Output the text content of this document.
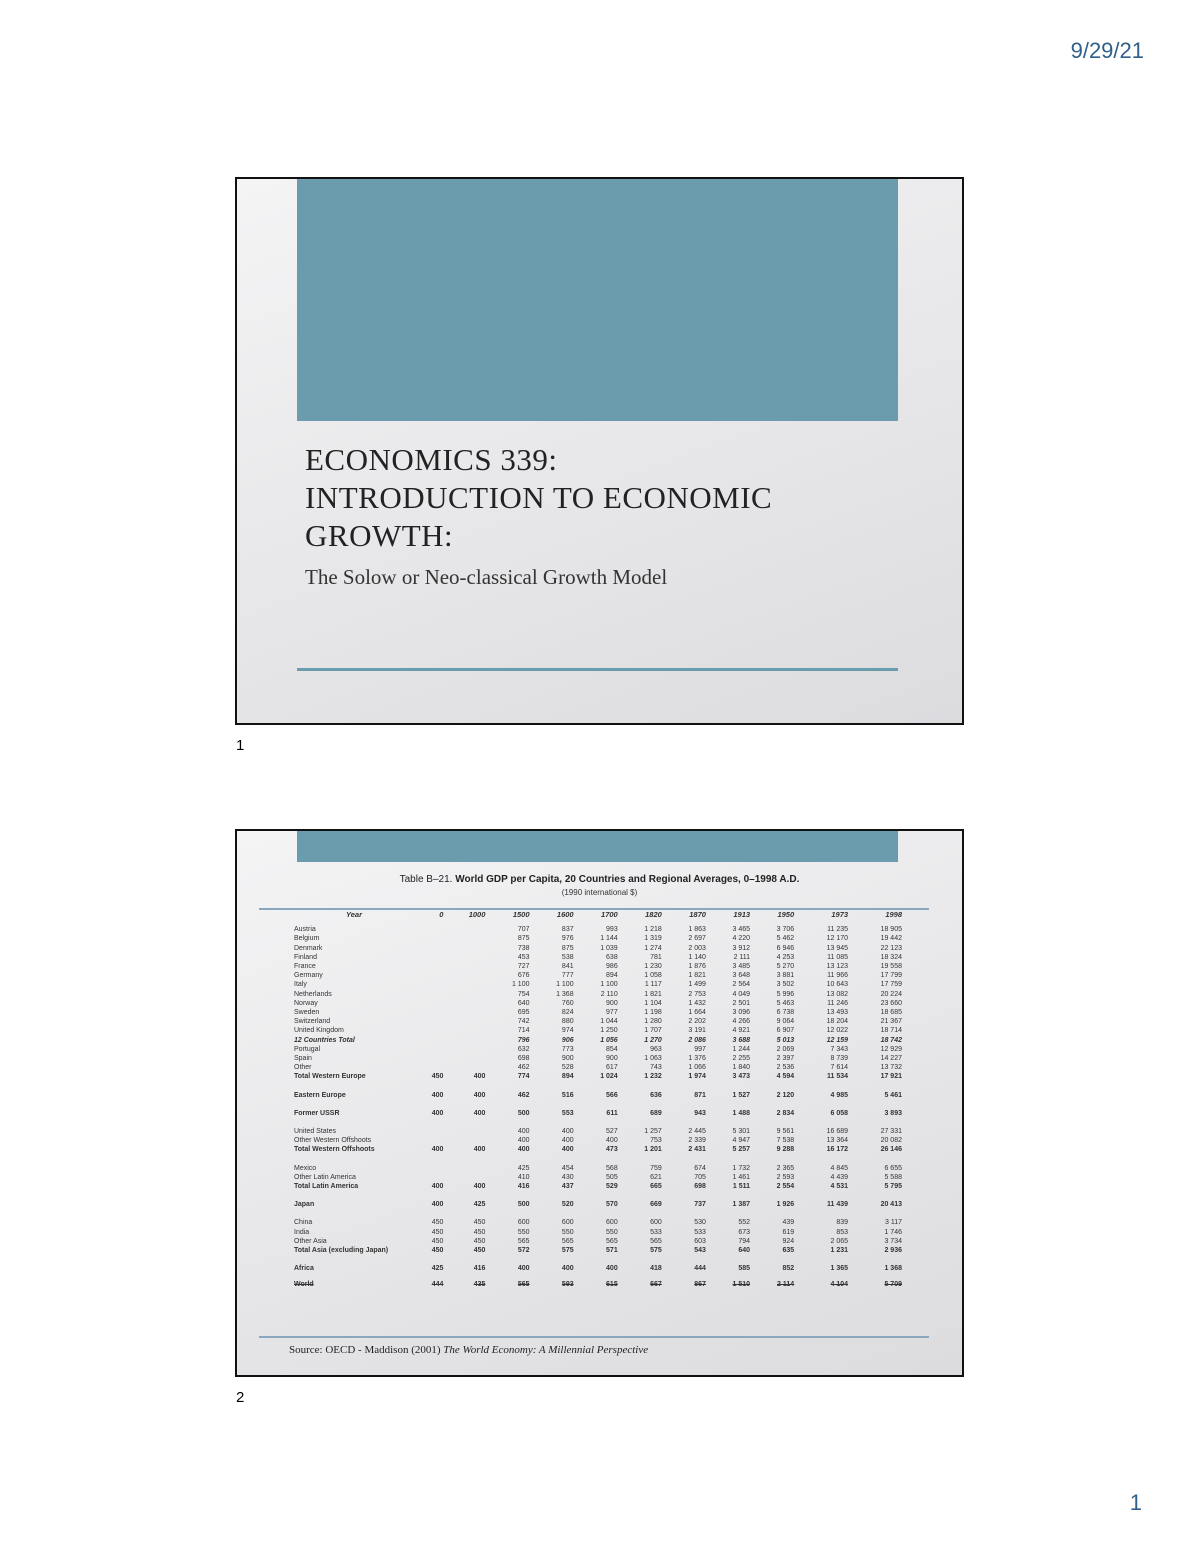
9/29/21
ECONOMICS 339:
INTRODUCTION TO ECONOMIC
GROWTH:
The Solow or Neo-classical Growth Model
1
Table B–21. World GDP per Capita, 20 Countries and Regional Averages, 0–1998 A.D.
(1990 international $)
Year	0	1000	1500	1600	1700	1820	1870	1913	1950	1973	1998
Austria			707	837	993	1 218	1 863	3 465	3 706	11 235	18 905
Belgium			875	976	1 144	1 319	2 697	4 220	5 462	12 170	19 442
Denmark			738	875	1 039	1 274	2 003	3 912	6 946	13 945	22 123
Finland			453	538	638	781	1 140	2 111	4 253	11 085	18 324
France			727	841	986	1 230	1 876	3 485	5 270	13 123	19 558
Germany			676	777	894	1 058	1 821	3 648	3 881	11 966	17 799
Italy			1 100	1 100	1 100	1 117	1 499	2 564	3 502	10 643	17 759
Netherlands			754	1 368	2 110	1 821	2 753	4 049	5 996	13 082	20 224
Norway			640	760	900	1 104	1 432	2 501	5 463	11 246	23 660
Sweden			695	824	977	1 198	1 664	3 096	6 738	13 493	18 685
Switzerland			742	880	1 044	1 280	2 202	4 266	9 064	18 204	21 367
United Kingdom			714	974	1 250	1 707	3 191	4 921	6 907	12 022	18 714
12 Countries Total			796	906	1 056	1 270	2 086	3 688	5 013	12 159	18 742
Portugal			632	773	854	963	997	1 244	2 069	7 343	12 929
Spain			698	900	900	1 063	1 376	2 255	2 397	8 739	14 227
Other			462	528	617	743	1 066	1 840	2 536	7 614	13 732
Total Western Europe	450	400	774	894	1 024	1 232	1 974	3 473	4 594	11 534	17 921
Eastern Europe	400	400	462	516	566	636	871	1 527	2 120	4 985	5 461
Former USSR	400	400	500	553	611	689	943	1 488	2 834	6 058	3 893
United States			400	400	527	1 257	2 445	5 301	9 561	16 689	27 331
Other Western Offshoots			400	400	400	753	2 339	4 947	7 538	13 364	20 082
Total Western Offshoots	400	400	400	400	473	1 201	2 431	5 257	9 288	16 172	26 146
Mexico			425	454	568	759	674	1 732	2 365	4 845	6 655
Other Latin America			410	430	505	621	705	1 461	2 593	4 439	5 588
Total Latin America	400	400	416	437	529	665	698	1 511	2 554	4 531	5 795
Japan	400	425	500	520	570	669	737	1 387	1 926	11 439	20 413
China	450	450	600	600	600	600	530	552	439	839	3 117
India	450	450	550	550	550	533	533	673	619	853	1 746
Other Asia	450	450	565	565	565	565	603	794	924	2 065	3 734
Total Asia (excluding Japan)	450	450	572	575	571	575	543	640	635	1 231	2 936
Africa	425	416	400	400	400	418	444	585	852	1 365	1 368
World	444	435	565	593	615	667	867	1 510	2 114	4 104	5 709
Source: OECD - Maddison (2001) The World Economy: A Millennial Perspective
2
1
